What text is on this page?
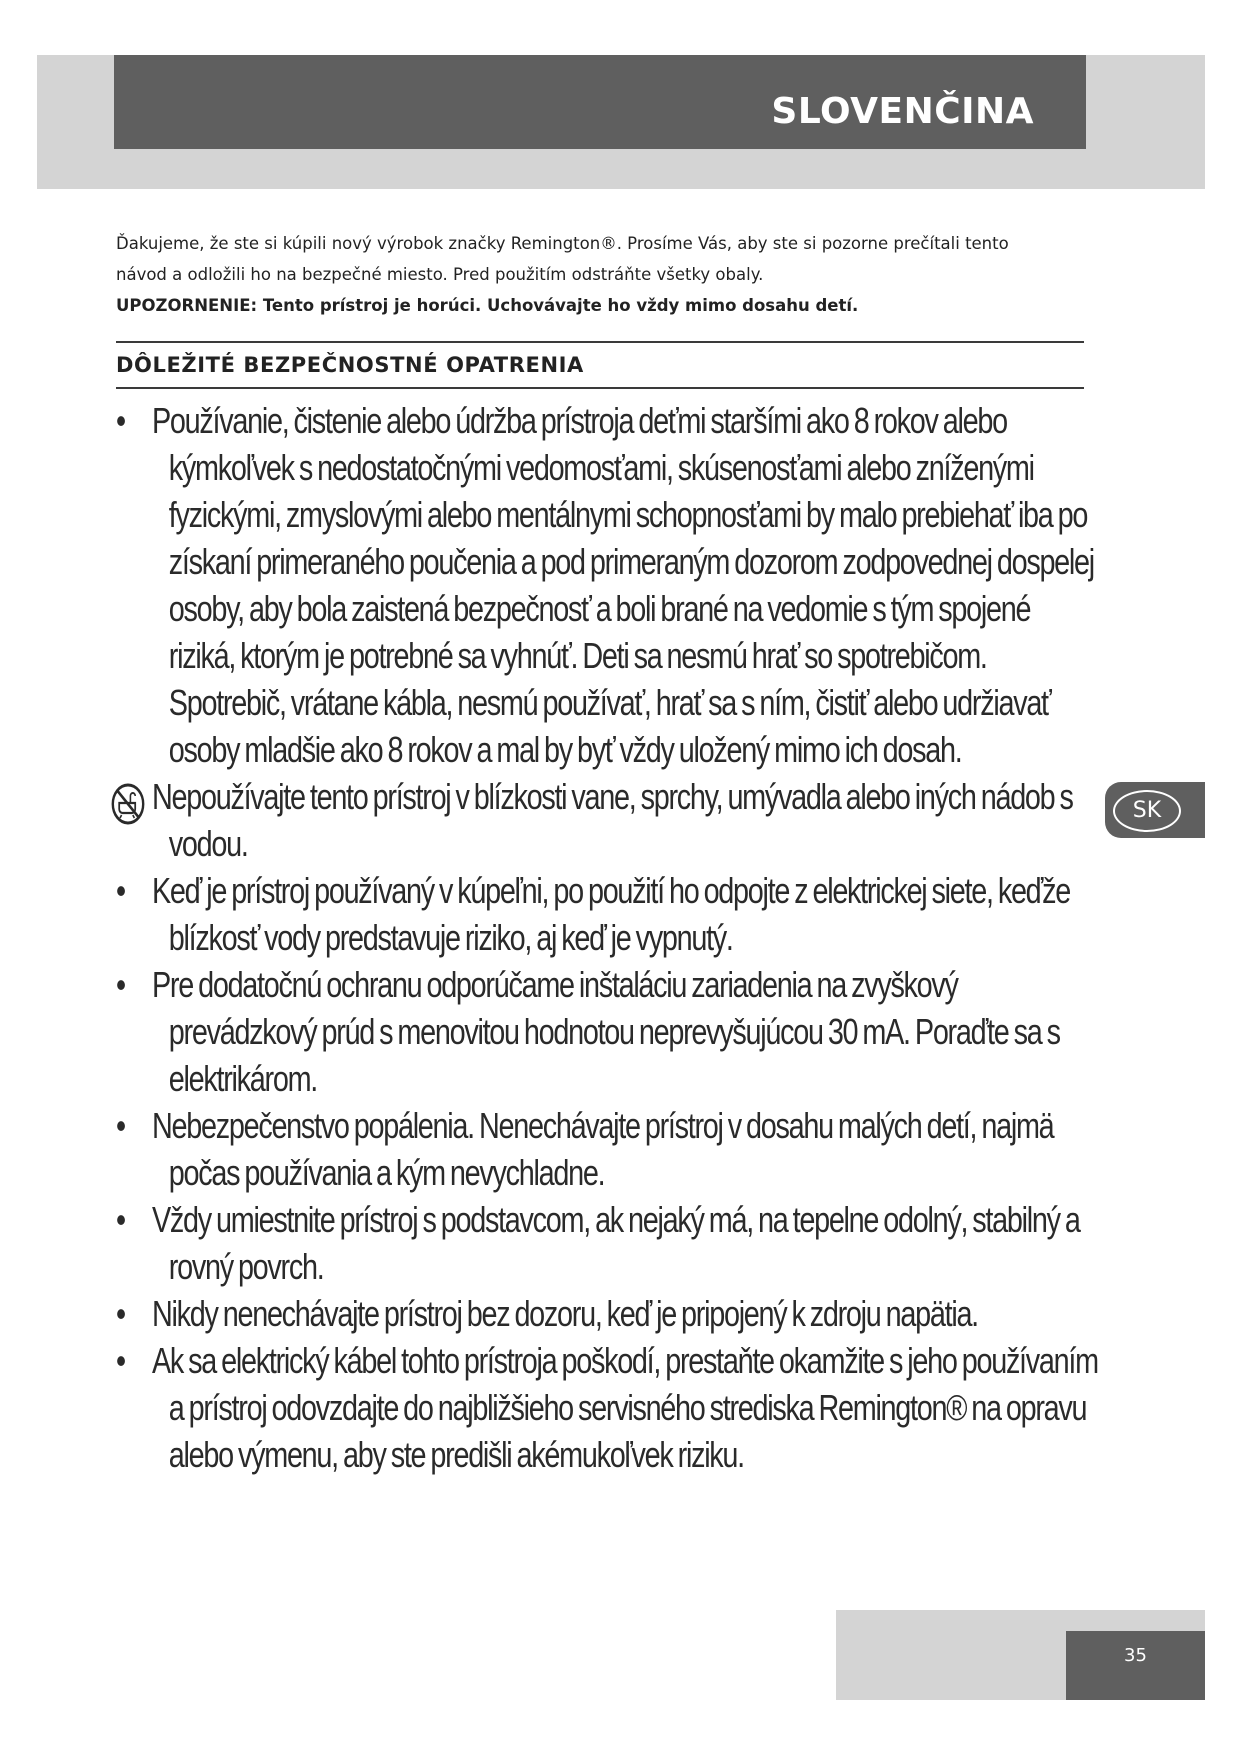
SLOVENČINA
Ďakujeme, že ste si kúpili nový výrobok značky Remington®. Prosíme Vás, aby ste si pozorne prečítali tento
návod a odložili ho na bezpečné miesto. Pred použitím odstráňte všetky obaly.
UPOZORNENIE: Tento prístroj je horúci. Uchovávajte ho vždy mimo dosahu detí.
DÔLEŽITÉ BEZPEČNOSTNÉ OPATRENIA
• Používanie, čistenie alebo údržba prístroja deťmi staršími ako 8 rokov alebo kýmkoľvek s nedostatočnými vedomosťami, skúsenosťami alebo zníženými fyzickými, zmyslovými alebo mentálnymi schopnosťami by malo prebiehať iba po získaní primeraného poučenia a pod primeraným dozorom zodpovednej dospelej osoby, aby bola zaistená bezpečnosť a boli brané na vedomie s tým spojené riziká, ktorým je potrebné sa vyhnúť. Deti sa nesmú hrať so spotrebičom. Spotrebič, vrátane kábla, nesmú používať, hrať sa s ním, čistiť alebo udržiavať osoby mladšie ako 8 rokov a mal by byť vždy uložený mimo ich dosah.
Nepoužívajte tento prístroj v blízkosti vane, sprchy, umývadla alebo iných nádob s vodou.
• Keď je prístroj používaný v kúpeľni, po použití ho odpojte z elektrickej siete, keďže blízkosť vody predstavuje riziko, aj keď je vypnutý.
• Pre dodatočnú ochranu odporúčame inštaláciu zariadenia na zvyškový prevádzkový prúd s menovitou hodnotou neprevyšujúcou 30 mA. Poraďte sa s elektrikárom.
• Nebezpečenstvo popálenia. Nenechávajte prístroj v dosahu malých detí, najmä počas používania a kým nevychladne.
• Vždy umiestnite prístroj s podstavcom, ak nejaký má, na tepelne odolný, stabilný a rovný povrch.
• Nikdy nenechávajte prístroj bez dozoru, keď je pripojený k zdroju napätia.
• Ak sa elektrický kábel tohto prístroja poškodí, prestaňte okamžite s jeho používaním a prístroj odovzdajte do najbližšieho servisného strediska Remington® na opravu alebo výmenu, aby ste predišli akémukoľvek riziku.
SK
35
